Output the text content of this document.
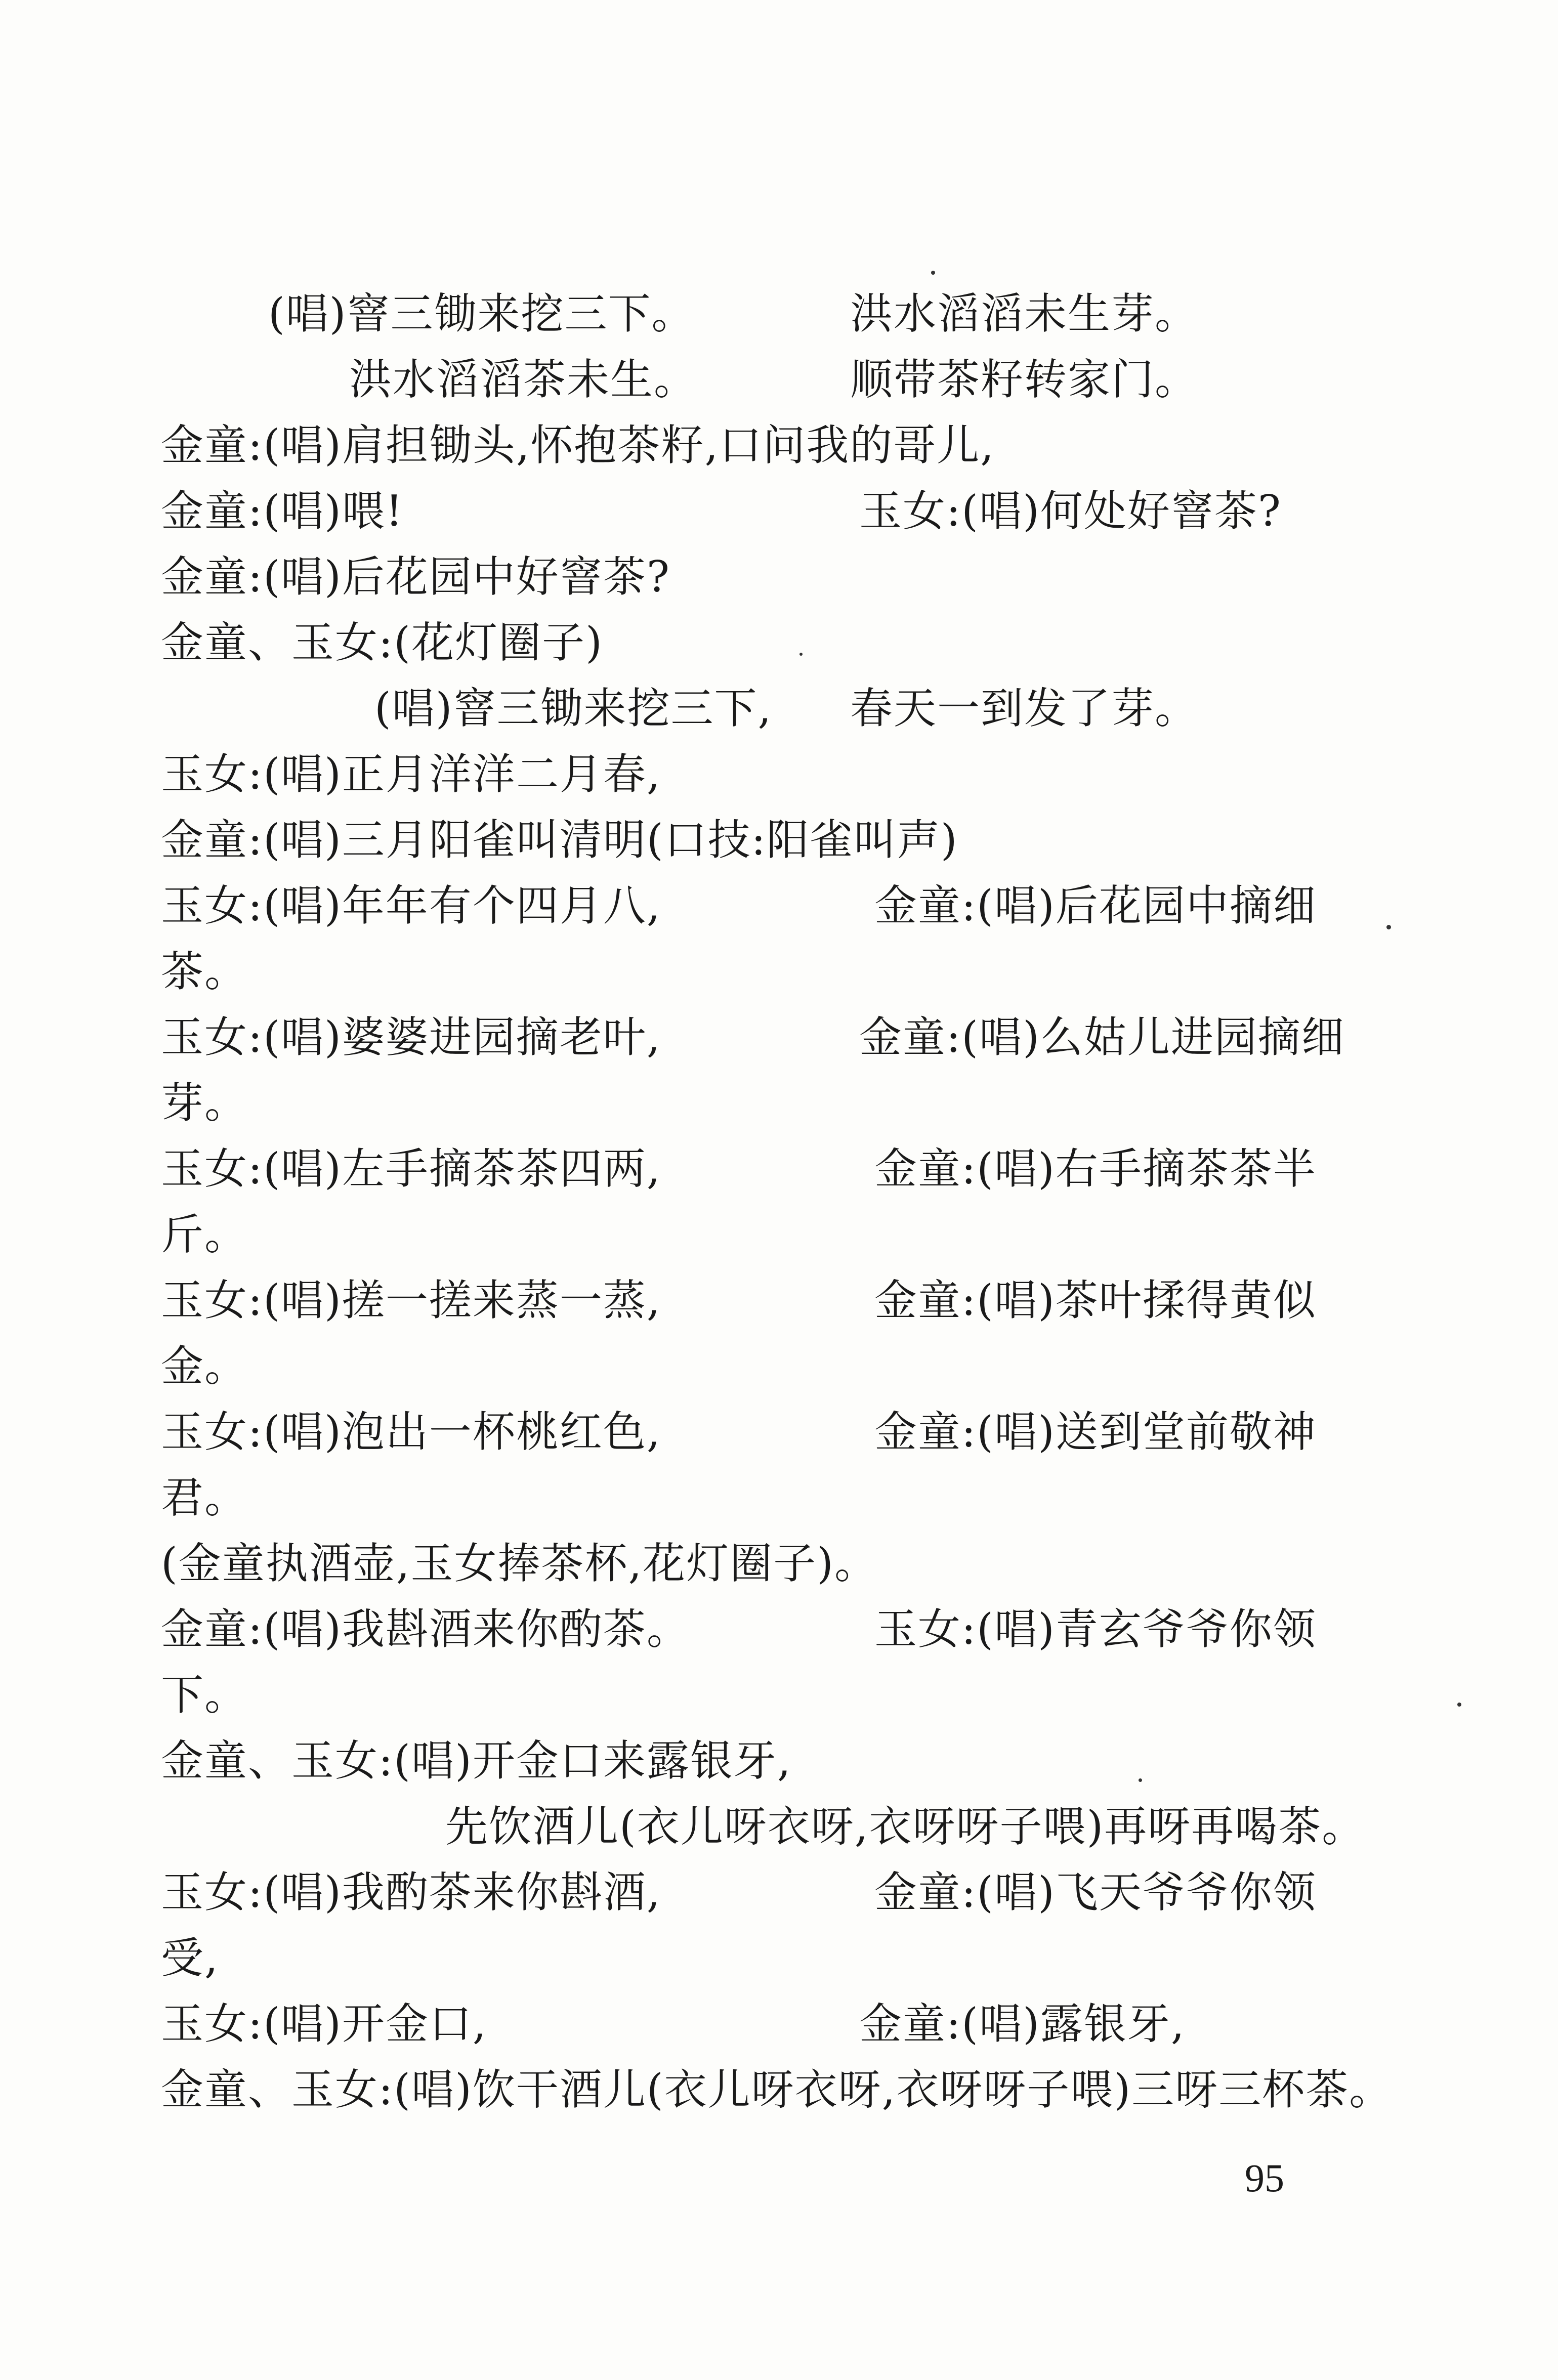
(唱)窨三锄来挖三下。	洪水滔滔未生芽。
洪水滔滔茶未生。	顺带茶籽转家门。
金童:(唱)肩担锄头,怀抱茶籽,口问我的哥儿,
金童:(唱)喂!	玉女:(唱)何处好窨茶?
金童:(唱)后花园中好窨茶?
金童、玉女:(花灯圈子)
(唱)窨三锄来挖三下, 春天一到发了芽。
玉女:(唱)正月洋洋二月春,
金童:(唱)三月阳雀叫清明(口技:阳雀叫声)
玉女:(唱)年年有个四月八,	金童:(唱)后花园中摘细
茶。
玉女:(唱)婆婆进园摘老叶,	金童:(唱)么姑儿进园摘细
芽。
玉女:(唱)左手摘茶茶四两,	金童:(唱)右手摘茶茶半
斤。
玉女:(唱)搓一搓来蒸一蒸,	金童:(唱)茶叶揉得黄似
金。
玉女:(唱)泡出一杯桃红色,	金童:(唱)送到堂前敬神
君。
(金童执酒壶,玉女捧茶杯,花灯圈子)。
金童:(唱)我斟酒来你酌茶。	玉女:(唱)青玄爷爷你领
下。
金童、玉女:(唱)开金口来露银牙,
先饮酒儿(衣儿呀衣呀,衣呀呀子喂)再呀再喝茶。
玉女:(唱)我酌茶来你斟酒,	金童:(唱)飞天爷爷你领
受,
玉女:(唱)开金口,	金童:(唱)露银牙,
金童、玉女:(唱)饮干酒儿(衣儿呀衣呀,衣呀呀子喂)三呀三杯茶。
95
